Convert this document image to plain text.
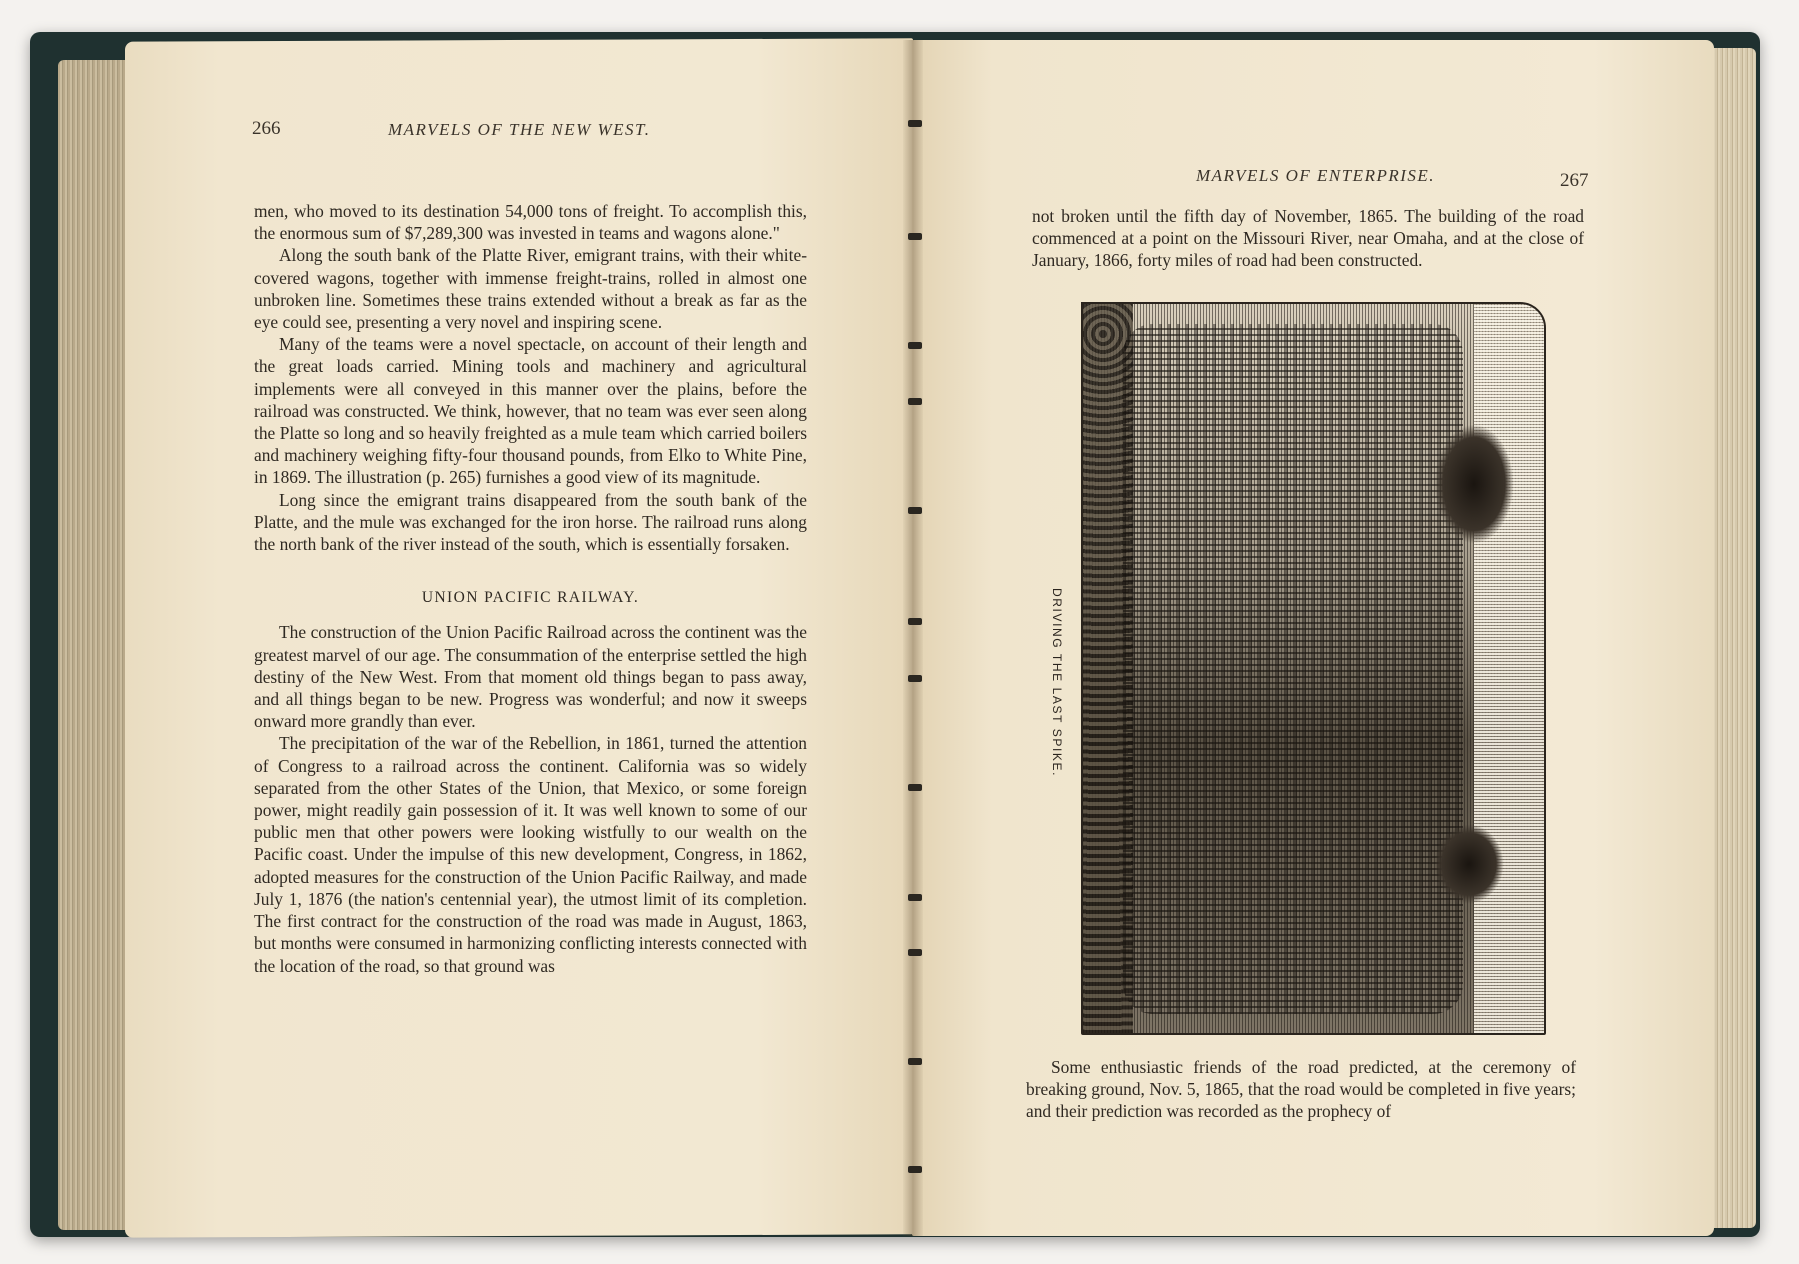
266	MARVELS OF THE NEW WEST.

men, who moved to its destination 54,000 tons of freight. To accomplish this, the enormous sum of $7,289,300 was invested in teams and wagons alone."

Along the south bank of the Platte River, emigrant trains, with their white-covered wagons, together with immense freight-trains, rolled in almost one unbroken line. Sometimes these trains extended without a break as far as the eye could see, presenting a very novel and inspiring scene.

Many of the teams were a novel spectacle, on account of their length and the great loads carried. Mining tools and machinery and agricultural implements were all conveyed in this manner over the plains, before the railroad was constructed. We think, however, that no team was ever seen along the Platte so long and so heavily freighted as a mule team which carried boilers and machinery weighing fifty-four thousand pounds, from Elko to White Pine, in 1869. The illustration (p. 265) furnishes a good view of its magnitude.

Long since the emigrant trains disappeared from the south bank of the Platte, and the mule was exchanged for the iron horse. The railroad runs along the north bank of the river instead of the south, which is essentially forsaken.

UNION PACIFIC RAILWAY.

The construction of the Union Pacific Railroad across the continent was the greatest marvel of our age. The consummation of the enterprise settled the high destiny of the New West. From that moment old things began to pass away, and all things began to be new. Progress was wonderful; and now it sweeps onward more grandly than ever.

The precipitation of the war of the Rebellion, in 1861, turned the attention of Congress to a railroad across the continent. California was so widely separated from the other States of the Union, that Mexico, or some foreign power, might readily gain possession of it. It was well known to some of our public men that other powers were looking wistfully to our wealth on the Pacific coast. Under the impulse of this new development, Congress, in 1862, adopted measures for the construction of the Union Pacific Railway, and made July 1, 1876 (the nation's centennial year), the utmost limit of its completion. The first contract for the construction of the road was made in August, 1863, but months were consumed in harmonizing conflicting interests connected with the location of the road, so that ground was

MARVELS OF ENTERPRISE.	267

not broken until the fifth day of November, 1865. The building of the road commenced at a point on the Missouri River, near Omaha, and at the close of January, 1866, forty miles of road had been constructed.

DRIVING THE LAST SPIKE.

Some enthusiastic friends of the road predicted, at the ceremony of breaking ground, Nov. 5, 1865, that the road would be completed in five years; and their prediction was recorded as the prophecy of
